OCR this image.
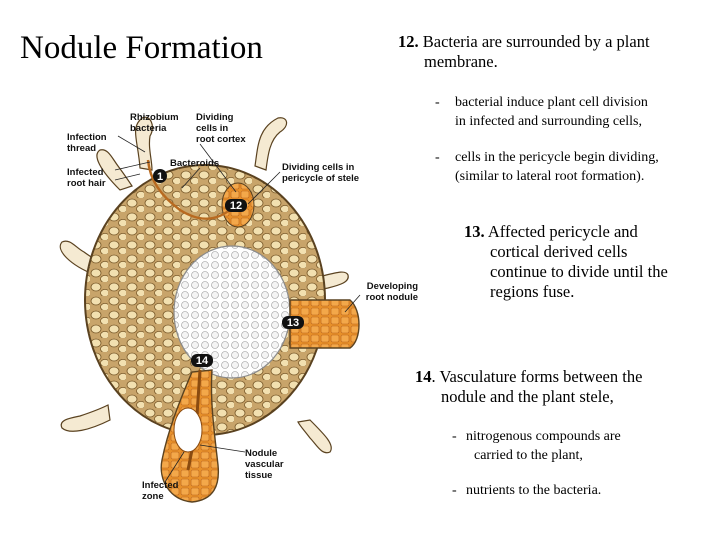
Nodule Formation	12. Bacteria are surrounded by a plant
membrane.
-	bacterial induce plant cell division
in infected and surrounding cells,
-	cells in the pericycle begin dividing,
(similar to lateral root formation).
13. Affected pericycle and
cortical derived cells
continue to divide until the
regions fuse.
14. Vasculature forms between the
nodule and the plant stele,
- nitrogenous compounds are
carried to the plant,
- nutrients to the bacteria.
Rhizobium
bacteria
Infection
thread
Dividing
cells in
root cortex
Bacteroids
Infected
root hair
Dividing cells in
pericycle of stele
Developing
root nodule
Nodule
vascular
tissue
Infected
zone
1
12
13
14
